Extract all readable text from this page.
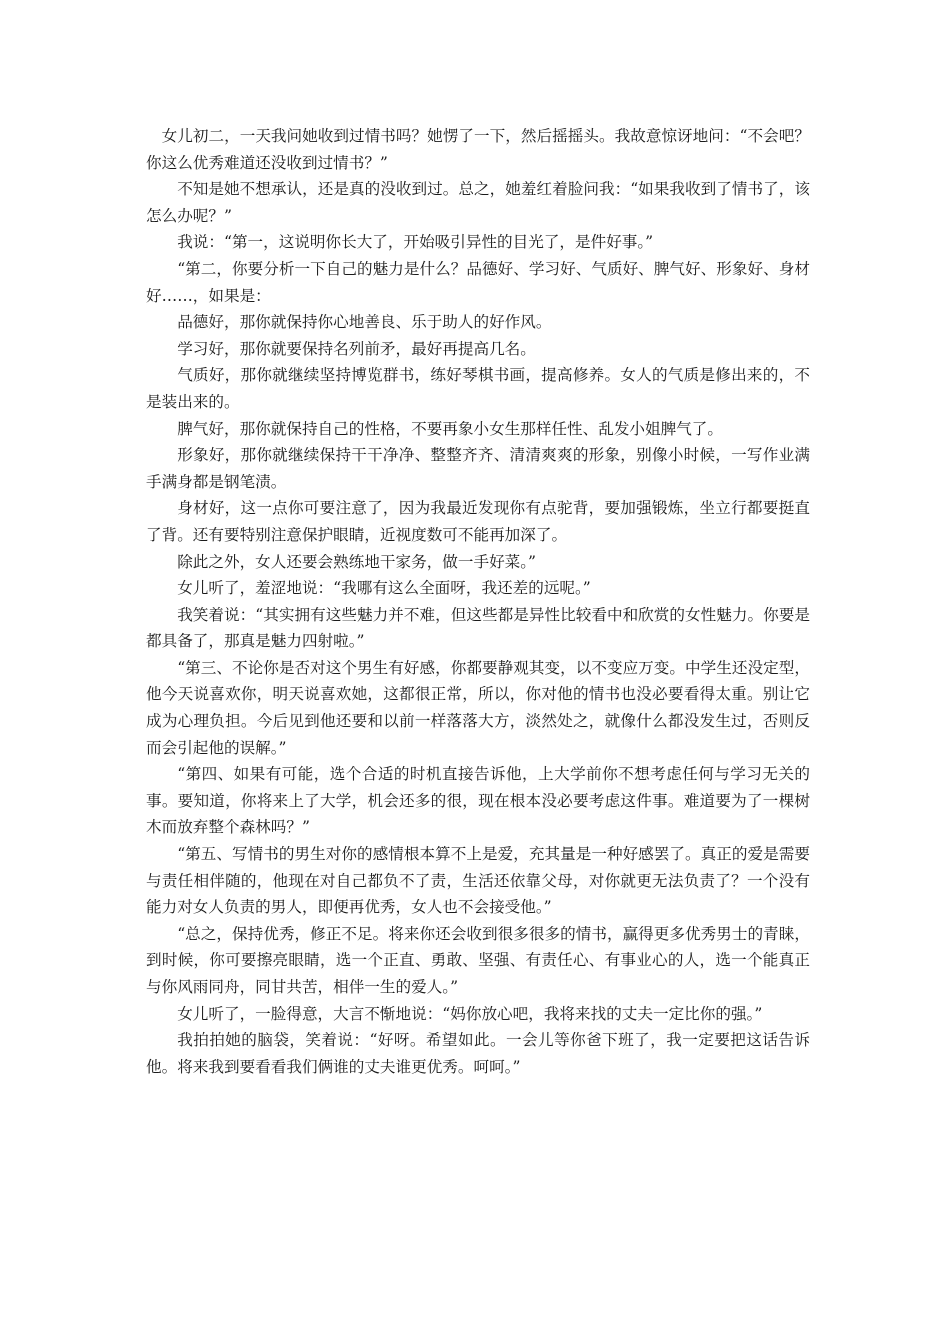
女儿初二，一天我问她收到过情书吗？她愣了一下，然后摇摇头。我故意惊讶地问：“不会吧？你这么优秀难道还没收到过情书？”

不知是她不想承认，还是真的没收到过。总之，她羞红着脸问我：“如果我收到了情书了，该怎么办呢？”

我说：“第一，这说明你长大了，开始吸引异性的目光了，是件好事。”

“第二，你要分析一下自己的魅力是什么？品德好、学习好、气质好、脾气好、形象好、身材好……，如果是：

品德好，那你就保持你心地善良、乐于助人的好作风。

学习好，那你就要保持名列前矛，最好再提高几名。

气质好，那你就继续坚持博览群书，练好琴棋书画，提高修养。女人的气质是修出来的，不是装出来的。

脾气好，那你就保持自己的性格，不要再象小女生那样任性、乱发小姐脾气了。

形象好，那你就继续保持干干净净、整整齐齐、清清爽爽的形象，别像小时候，一写作业满手满身都是钢笔渍。

身材好，这一点你可要注意了，因为我最近发现你有点驼背，要加强锻炼，坐立行都要挺直了背。还有要特别注意保护眼睛，近视度数可不能再加深了。

除此之外，女人还要会熟练地干家务，做一手好菜。”

女儿听了，羞涩地说：“我哪有这么全面呀，我还差的远呢。”

我笑着说：“其实拥有这些魅力并不难，但这些都是异性比较看中和欣赏的女性魅力。你要是都具备了，那真是魅力四射啦。”

“第三、不论你是否对这个男生有好感，你都要静观其变，以不变应万变。中学生还没定型，他今天说喜欢你，明天说喜欢她，这都很正常，所以，你对他的情书也没必要看得太重。别让它成为心理负担。今后见到他还要和以前一样落落大方，淡然处之，就像什么都没发生过，否则反而会引起他的误解。”

“第四、如果有可能，选个合适的时机直接告诉他，上大学前你不想考虑任何与学习无关的事。要知道，你将来上了大学，机会还多的很，现在根本没必要考虑这件事。难道要为了一棵树木而放弃整个森林吗？”

“第五、写情书的男生对你的感情根本算不上是爱，充其量是一种好感罢了。真正的爱是需要与责任相伴随的，他现在对自己都负不了责，生活还依靠父母，对你就更无法负责了？一个没有能力对女人负责的男人，即便再优秀，女人也不会接受他。”

“总之，保持优秀，修正不足。将来你还会收到很多很多的情书，赢得更多优秀男士的青睐，到时候，你可要擦亮眼睛，选一个正直、勇敢、坚强、有责任心、有事业心的人，选一个能真正与你风雨同舟，同甘共苦，相伴一生的爱人。”

女儿听了，一脸得意，大言不惭地说：“妈你放心吧，我将来找的丈夫一定比你的强。”

我拍拍她的脑袋，笑着说：“好呀。希望如此。一会儿等你爸下班了，我一定要把这话告诉他。将来我到要看看我们俩谁的丈夫谁更优秀。呵呵。”
